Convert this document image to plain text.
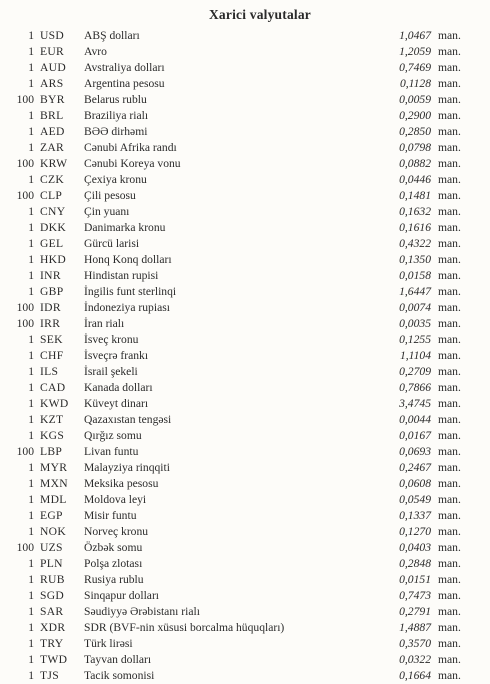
Xarici valyutalar
1 USD	ABŞ dolları	1,0467 man.
1 EUR	Avro	1,2059 man.
1 AUD	Avstraliya dolları	0,7469 man.
1 ARS	Argentina pesosu	0,1128 man.
100 BYR	Belarus rublu	0,0059 man.
1 BRL	Braziliya rialı	0,2900 man.
1 AED	BƏƏ dirhəmi	0,2850 man.
1 ZAR	Cənubi Afrika randı	0,0798 man.
100 KRW	Cənubi Koreya vonu	0,0882 man.
1 CZK	Çexiya kronu	0,0446 man.
100 CLP	Çili pesosu	0,1481 man.
1 CNY	Çin yuanı	0,1632 man.
1 DKK	Danimarka kronu	0,1616 man.
1 GEL	Gürcü larisi	0,4322 man.
1 HKD	Honq Konq dolları	0,1350 man.
1 INR	Hindistan rupisi	0,0158 man.
1 GBP	İngilis funt sterlinqi	1,6447 man.
100 IDR	İndoneziya rupiası	0,0074 man.
100 IRR	İran rialı	0,0035 man.
1 SEK	İsveç kronu	0,1255 man.
1 CHF	İsveçrə frankı	1,1104 man.
1 ILS	İsrail şekeli	0,2709 man.
1 CAD	Kanada dolları	0,7866 man.
1 KWD	Küveyt dinarı	3,4745 man.
1 KZT	Qazaxıstan tengəsi	0,0044 man.
1 KGS	Qırğız somu	0,0167 man.
100 LBP	Livan funtu	0,0693 man.
1 MYR	Malayziya rinqqiti	0,2467 man.
1 MXN	Meksika pesosu	0,0608 man.
1 MDL	Moldova leyi	0,0549 man.
1 EGP	Misir funtu	0,1337 man.
1 NOK	Norveç kronu	0,1270 man.
100 UZS	Özbək somu	0,0403 man.
1 PLN	Polşa zlotası	0,2848 man.
1 RUB	Rusiya rublu	0,0151 man.
1 SGD	Sinqapur dolları	0,7473 man.
1 SAR	Səudiyyə Ərəbistanı rialı	0,2791 man.
1 XDR	SDR (BVF-nin xüsusi borcalma hüquqları)	1,4887 man.
1 TRY	Türk lirəsi	0,3570 man.
1 TWD	Tayvan dolları	0,0322 man.
1 TJS	Tacik somonisi	0,1664 man.
